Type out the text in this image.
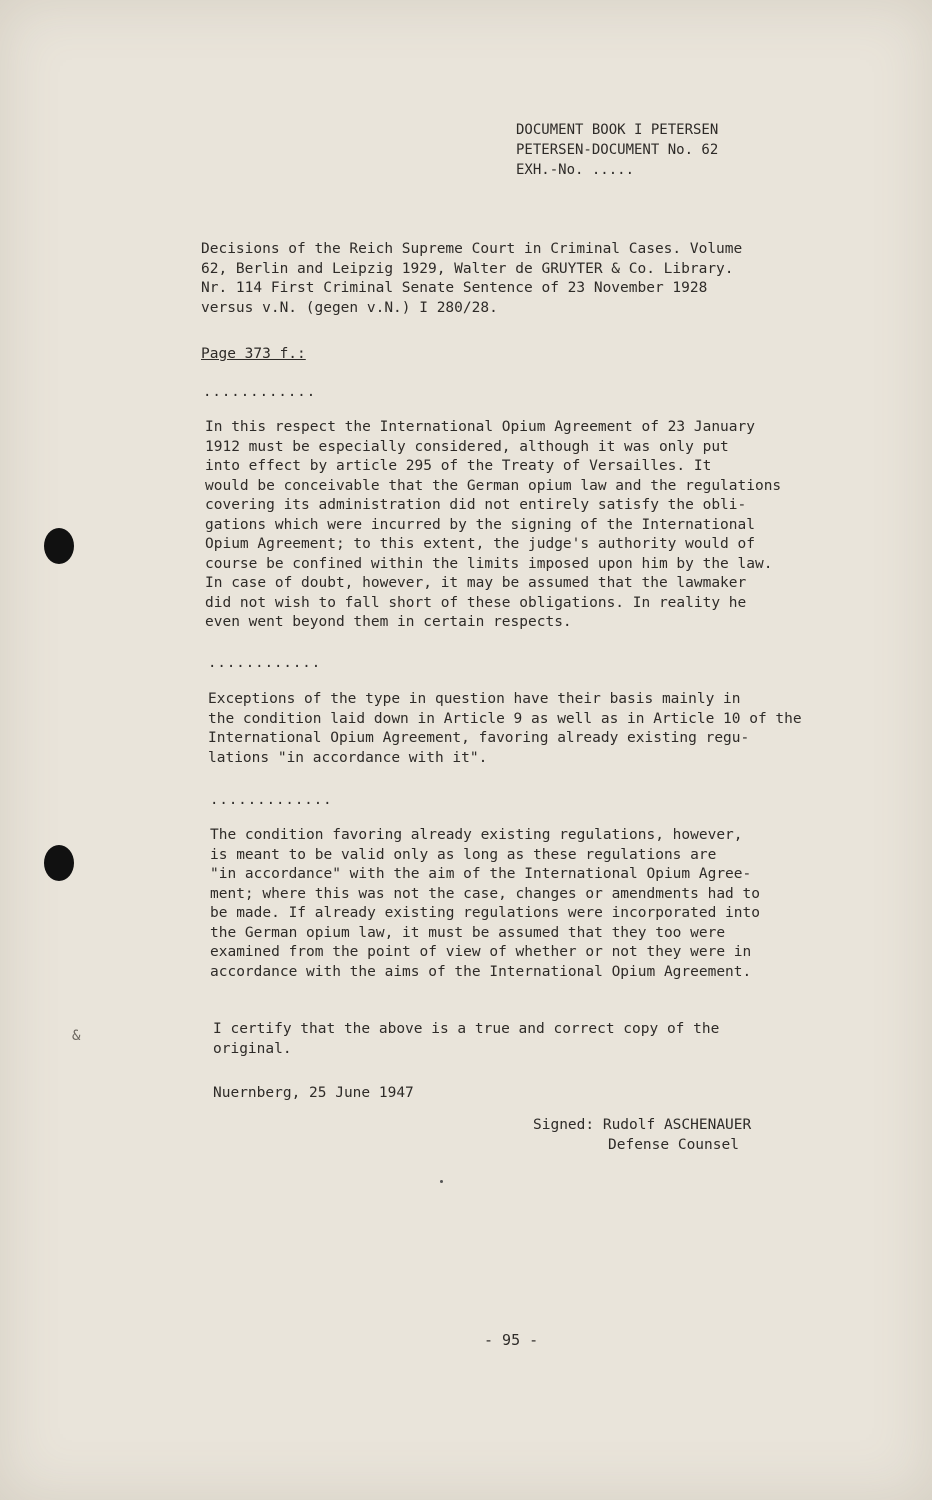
&
DOCUMENT BOOK I PETERSEN
PETERSEN-DOCUMENT No. 62
EXH.-No. .....
Decisions of the Reich Supreme Court in Criminal Cases. Volume
62, Berlin and Leipzig 1929, Walter de GRUYTER & Co. Library.
Nr. 114 First Criminal Senate Sentence of 23 November 1928
versus v.N. (gegen v.N.) I 280/28.
Page 373 f.:
............
In this respect the International Opium Agreement of 23 January
1912 must be especially considered, although it was only put
into effect by article 295 of the Treaty of Versailles. It
would be conceivable that the German opium law and the regulations
covering its administration did not entirely satisfy the obli-
gations which were incurred by the signing of the International
Opium Agreement; to this extent, the judge's authority would of
course be confined within the limits imposed upon him by the law.
In case of doubt, however, it may be assumed that the lawmaker
did not wish to fall short of these obligations. In reality he
even went beyond them in certain respects.
............
Exceptions of the type in question have their basis mainly in
the condition laid down in Article 9 as well as in Article 10 of the
International Opium Agreement, favoring already existing regu-
lations "in accordance with it".
.............
The condition favoring already existing regulations, however,
is meant to be valid only as long as these regulations are
"in accordance" with the aim of the International Opium Agree-
ment; where this was not the case, changes or amendments had to
be made. If already existing regulations were incorporated into
the German opium law, it must be assumed that they too were
examined from the point of view of whether or not they were in
accordance with the aims of the International Opium Agreement.
I certify that the above is a true and correct copy of the
original.
Nuernberg, 25 June 1947
Signed: Rudolf ASCHENAUER
Defense Counsel
- 95 -
